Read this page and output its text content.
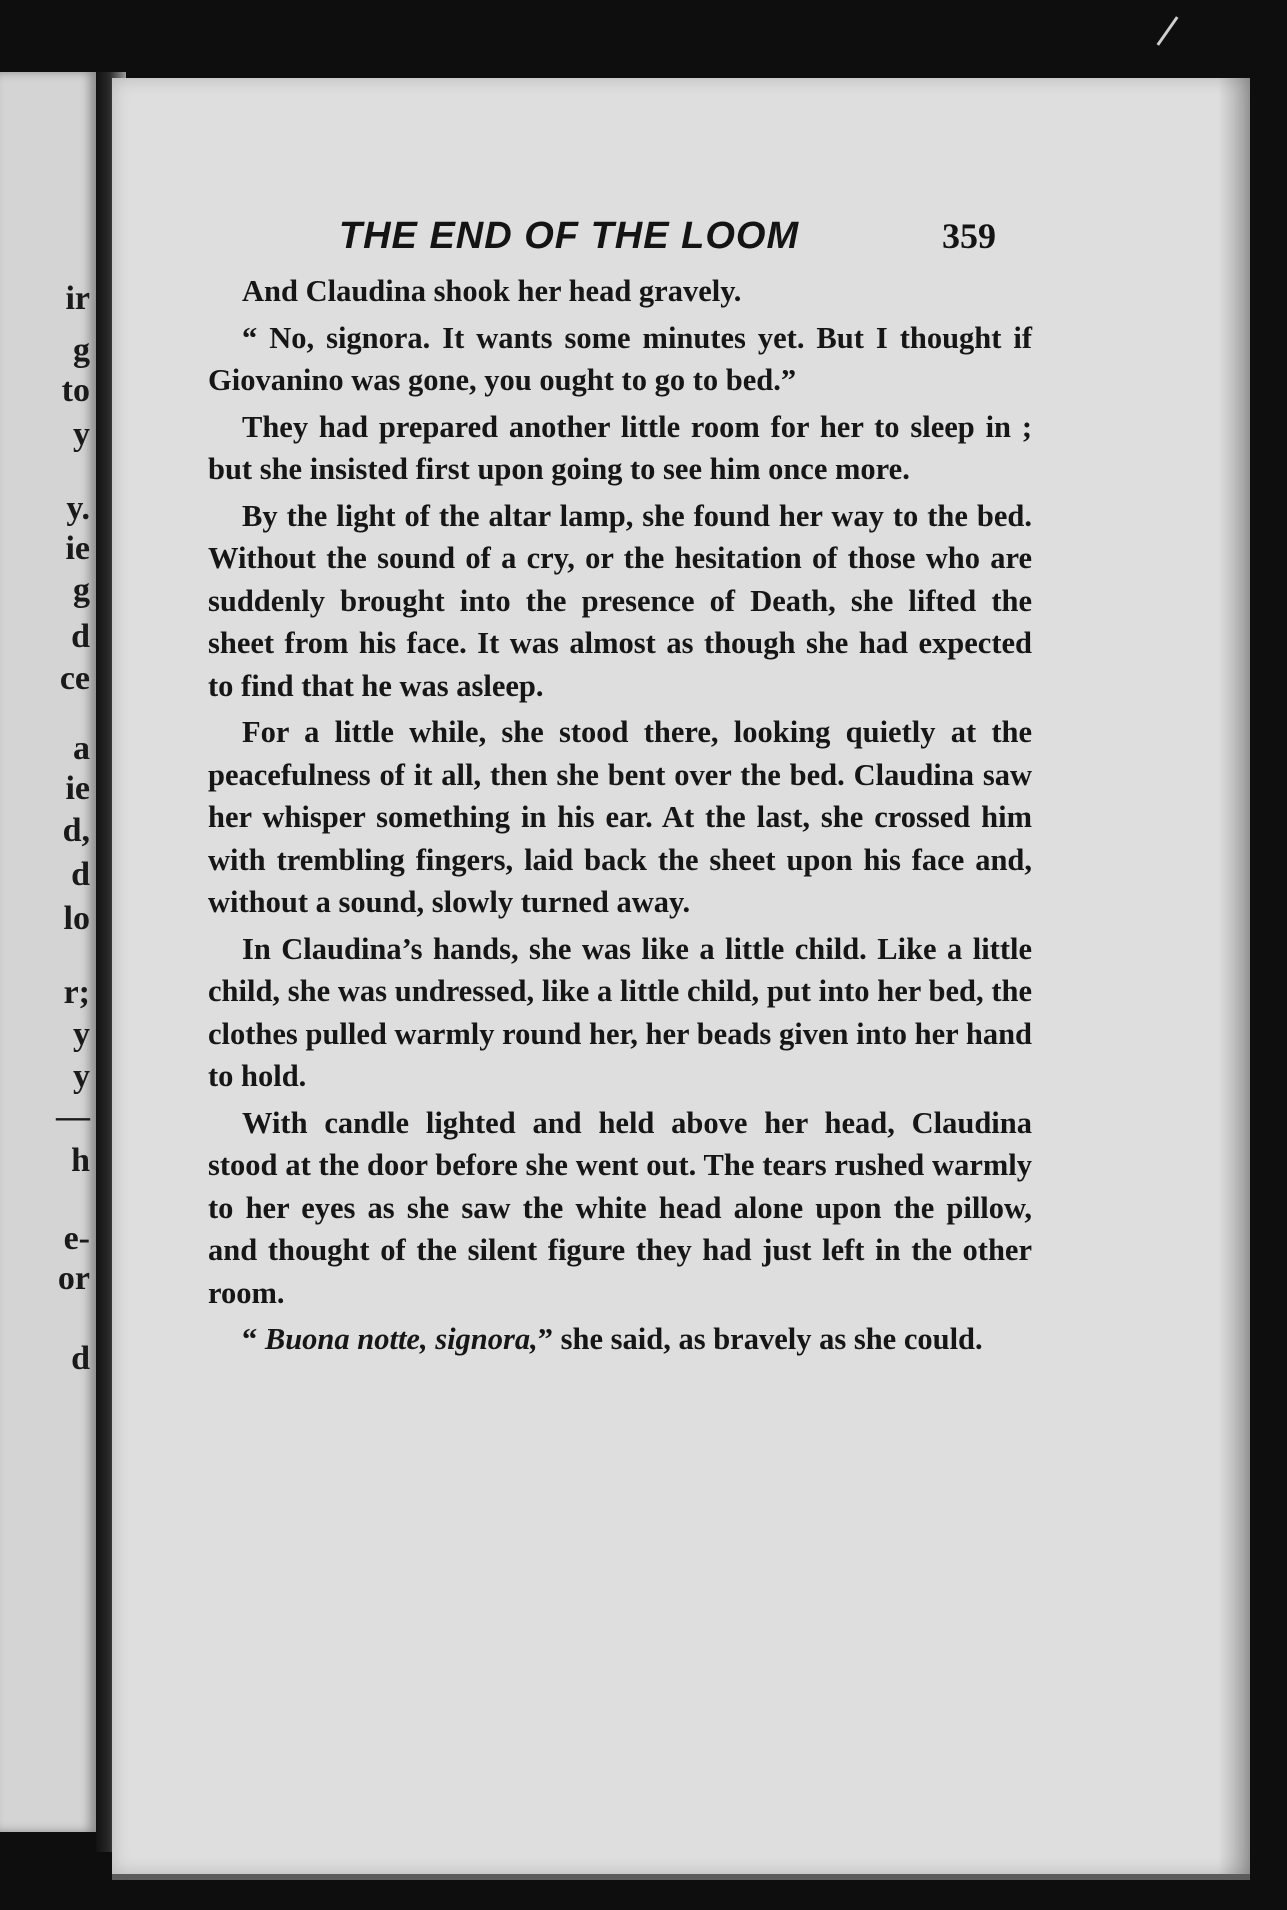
ir
g
to
y
y.
ie
g
d
ce
a
ie
d,
d
lo
r;
y
y
—
h
e-
or
d
THE END OF THE LOOM	359

And Claudina shook her head gravely.

“ No, signora. It wants some minutes yet. But I thought if Giovanino was gone, you ought to go to bed.”

They had prepared another little room for her to sleep in ; but she insisted first upon going to see him once more.

By the light of the altar lamp, she found her way to the bed. Without the sound of a cry, or the hesitation of those who are suddenly brought into the presence of Death, she lifted the sheet from his face. It was almost as though she had expected to find that he was asleep.

For a little while, she stood there, looking quietly at the peacefulness of it all, then she bent over the bed. Claudina saw her whisper something in his ear. At the last, she crossed him with trembling fingers, laid back the sheet upon his face and, without a sound, slowly turned away.

In Claudina’s hands, she was like a little child. Like a little child, she was undressed, like a little child, put into her bed, the clothes pulled warmly round her, her beads given into her hand to hold.

With candle lighted and held above her head, Claudina stood at the door before she went out. The tears rushed warmly to her eyes as she saw the white head alone upon the pillow, and thought of the silent figure they had just left in the other room.

“ Buona notte, signora,” she said, as bravely as she could.
